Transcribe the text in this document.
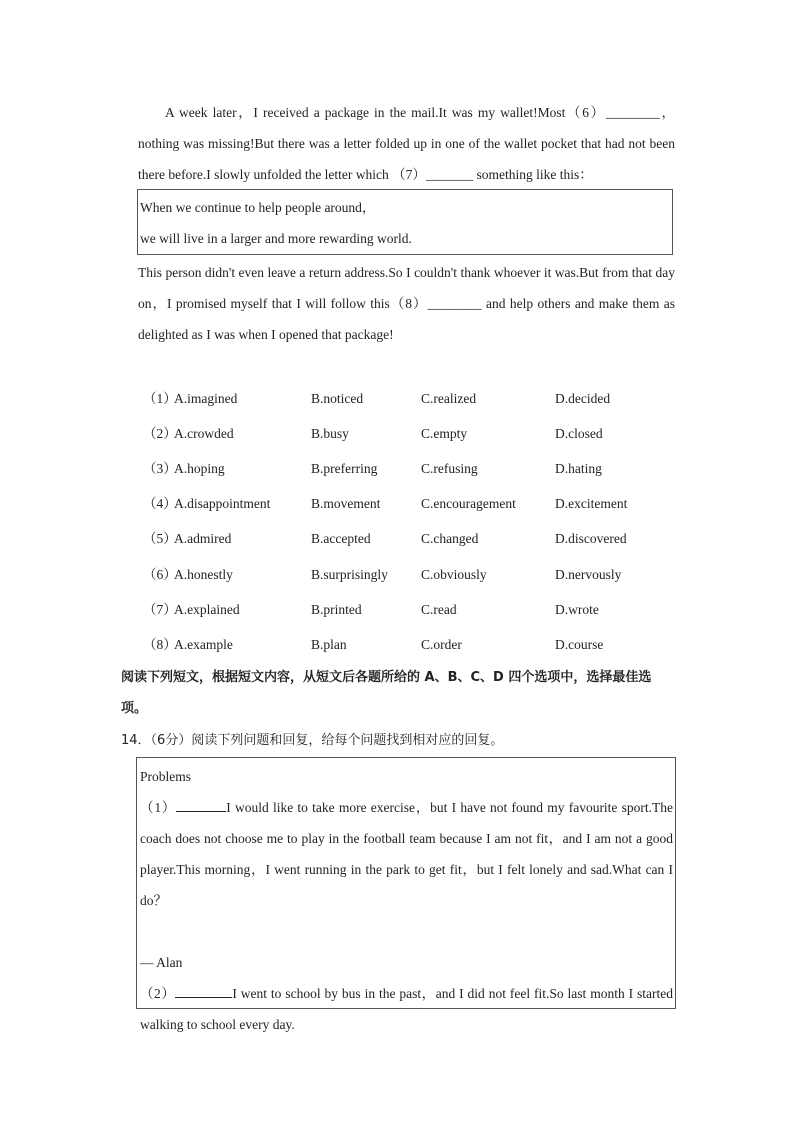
A week later，I received a package in the mail.It was my wallet!Most（6）________，nothing was missing!But there was a letter folded up in one of the wallet pocket that had not been there before.I slowly unfolded the letter which （7）_______ something like this：

When we continue to help people around，
we will live in a larger and more rewarding world.

This person didn't even leave a return address.So I couldn't thank whoever it was.But from that day on，I promised myself that I will follow this（8）________ and help others and make them as delighted as I was when I opened that package!

（1）
A.imagined	B.noticed	C.realized	D.decided
（2）
A.crowded	B.busy	C.empty	D.closed
（3）
A.hoping	B.preferring	C.refusing	D.hating
（4）
A.disappointment	B.movement	C.encouragement	D.excitement
（5）
A.admired	B.accepted	C.changed	D.discovered
（6）
A.honestly	B.surprisingly C.obviously	D.nervously
（7）
A.explained	B.printed	C.read	D.wrote
（8）
A.example	B.plan	C.order	D.course
阅读下列短文，根据短文内容，从短文后各题所给的 A、B、C、D 四个选项中，选择最佳选项。
14．（6分）阅读下列问题和回复，给每个问题找到相对应的回复。
Problems
（1）	I would like to take more exercise，but I have not found my favourite sport.The coach does not choose me to play in the football team because I am not fit，and I am not a good player.This morning，I went running in the park to get fit，but I felt lonely and sad.What can I do？
— Alan
（2）	I went to school by bus in the past，and I did not feel fit.So last month I started walking to school every day.
